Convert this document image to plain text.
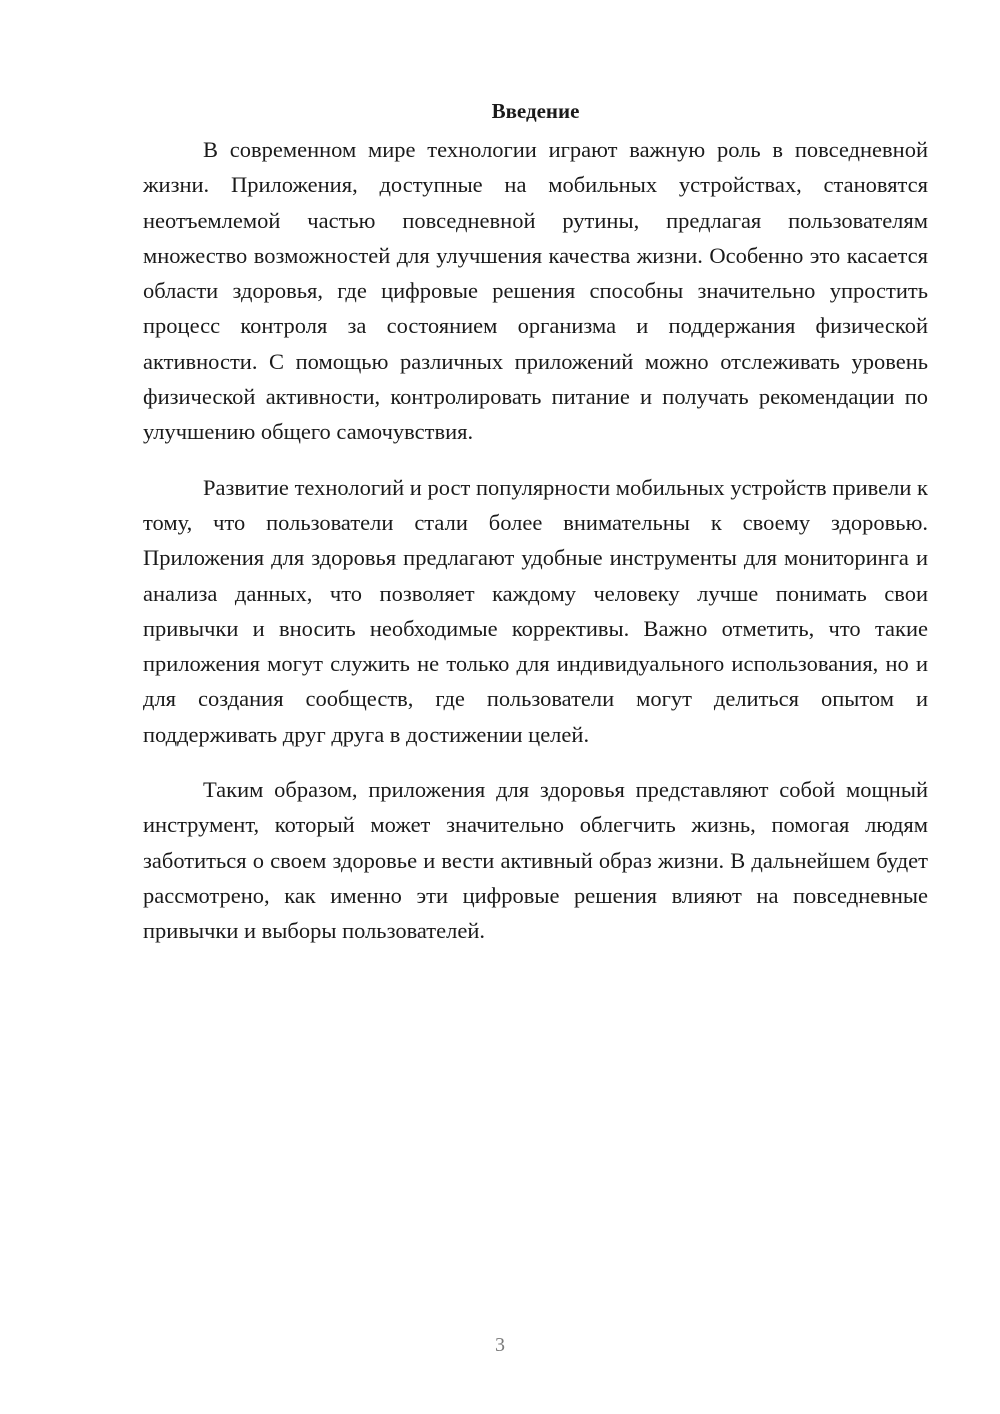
Введение

В современном мире технологии играют важную роль в повседневной жизни. Приложения, доступные на мобильных устройствах, становятся неотъемлемой частью повседневной рутины, предлагая пользователям множество возможностей для улучшения качества жизни. Особенно это касается области здоровья, где цифровые решения способны значительно упростить процесс контроля за состоянием организма и поддержания физической активности. С помощью различных приложений можно отслеживать уровень физической активности, контролировать питание и получать рекомендации по улучшению общего самочувствия.

Развитие технологий и рост популярности мобильных устройств привели к тому, что пользователи стали более внимательны к своему здоровью. Приложения для здоровья предлагают удобные инструменты для мониторинга и анализа данных, что позволяет каждому человеку лучше понимать свои привычки и вносить необходимые коррективы. Важно отметить, что такие приложения могут служить не только для индивидуального использования, но и для создания сообществ, где пользователи могут делиться опытом и поддерживать друг друга в достижении целей.

Таким образом, приложения для здоровья представляют собой мощный инструмент, который может значительно облегчить жизнь, помогая людям заботиться о своем здоровье и вести активный образ жизни. В дальнейшем будет рассмотрено, как именно эти цифровые решения влияют на повседневные привычки и выборы пользователей.

3
